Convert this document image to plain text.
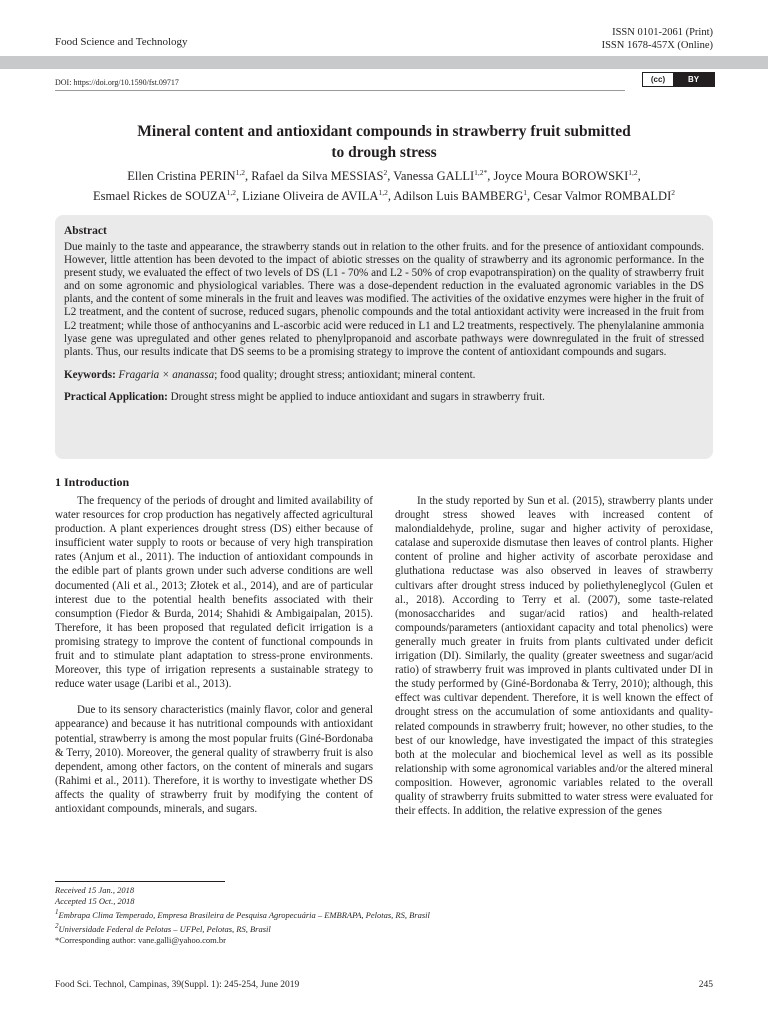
Food Science and Technology
ISSN 0101-2061 (Print)
ISSN 1678-457X (Online)
DOI: https://doi.org/10.1590/fst.09717	(cc)	BY
Mineral content and antioxidant compounds in strawberry fruit submitted
to drough stress
Ellen Cristina PERIN$^{1,2}$, Rafael da Silva MESSIAS$^2$, Vanessa $GALLI^{1,2*}$, Joyce Moura BOROWSKI$^{1,2}$,
Esmael Rickes de SOUZA$^{1,2}$, Liziane Oliveira de AVILA$^{1,2}$, Adilson Luis BAMBERG$^1$, Cesar Valmor ROMBALDI$^2$
Abstract
Due mainly to the taste and appearance, the strawberry stands out in relation to the other fruits. and for the presence of antioxidant compounds. However, little attention has been devoted to the impact of abiotic stresses on the quality of strawberry and its agronomic performance. In the present study, we evaluated the effect of two levels of DS (L1 - 70% and L2 - 50% of crop evapotranspiration) on the quality of strawberry fruit and on some agronomic and physiological variables. There was a dose-dependent reduction in the evaluated agronomic variables in the DS plants, and the content of some minerals in the fruit and leaves was modified. The activities of the oxidative enzymes were higher in the fruit of L2 treatment, and the content of sucrose, reduced sugars, phenolic compounds and the total antioxidant activity were increased in the fruit from L2 treatment; while those of anthocyanins and L-ascorbic acid were reduced in L1 and L2 treatments, respectively. The phenylalanine ammonia lyase gene was upregulated and other genes related to phenylpropanoid and ascorbate pathways were downregulated in the fruit of stressed plants. Thus, our results indicate that DS seems to be a promising strategy to improve the content of antioxidant compounds and sugars.
Keywords: Fragaria × ananassa; food quality; drought stress; antioxidant; mineral content.
Practical Application: Drought stress might be applied to induce antioxidant and sugars in strawberry fruit.
1 Introduction

The frequency of the periods of drought and limited availability of water resources for crop production has negatively affected agricultural production. A plant experiences drought stress (DS) either because of insufficient water supply to roots or because of very high transpiration rates (Anjum et al., 2011). The induction of antioxidant compounds in the edible part of plants grown under such adverse conditions are well documented (Ali et al., 2013; Złotek et al., 2014), and are of particular interest due to the potential health benefits associated with their consumption (Fiedor & Burda, 2014; Shahidi & Ambigaipalan, 2015). Therefore, it has been proposed that regulated deficit irrigation is a promising strategy to improve the content of functional compounds in fruit and to stimulate plant adaptation to stress-prone environments. Moreover, this type of irrigation represents a sustainable strategy to reduce water usage (Laribi et al., 2013).

Due to its sensory characteristics (mainly flavor, color and general appearance) and because it has nutritional compounds with antioxidant potential, strawberry is among the most popular fruits (Giné-Bordonaba & Terry, 2010). Moreover, the general quality of strawberry fruit is also dependent, among other factors, on the content of minerals and sugars (Rahimi et al., 2011). Therefore, it is worthy to investigate whether DS affects the quality of strawberry fruit by modifying the content of antioxidant compounds, minerals, and sugars.

In the study reported by Sun et al. (2015), strawberry plants under drought stress showed leaves with increased content of malondialdehyde, proline, sugar and higher activity of peroxidase, catalase and superoxide dismutase then leaves of control plants. Higher content of proline and higher activity of ascorbate peroxidase and gluthationa reductase was also observed in leaves of strawberry cultivars after drought stress induced by poliethyleneglycol (Gulen et al., 2018). According to Terry et al. (2007), some taste-related (monosaccharides and sugar/acid ratios) and health-related compounds/parameters (antioxidant capacity and total phenolics) were generally much greater in fruits from plants cultivated under deficit irrigation (DI). Similarly, the quality (greater sweetness and sugar/acid ratio) of strawberry fruit was improved in plants cultivated under DI in the study performed by (Giné-Bordonaba & Terry, 2010); although, this effect was cultivar dependent. Therefore, it is well known the effect of drought stress on the accumulation of some antioxidants and quality-related compounds in strawberry fruit; however, no other studies, to the best of our knowledge, have investigated the impact of this strategies both at the molecular and biochemical level as well as its possible relationship with some agronomical variables and/or the altered mineral composition. However, agronomic variables related to the overall quality of strawberry fruits submitted to water stress were evaluated for their effects. In addition, the relative expression of the genes

Received 15 Jan., 2018
Accepted 15 Oct., 2018
$^1$Embrapa Clima Temperado, Empresa Brasileira de Pesquisa Agropecuária – EMBRAPA, Pelotas, RS, Brasil
$^2$Universidade Federal de Pelotas – UFPel, Pelotas, RS, Brasil
*Corresponding author: vane.galli@yahoo.com.br
Food Sci. Technol, Campinas, 39(Suppl. 1): 245-254, June 2019	245
